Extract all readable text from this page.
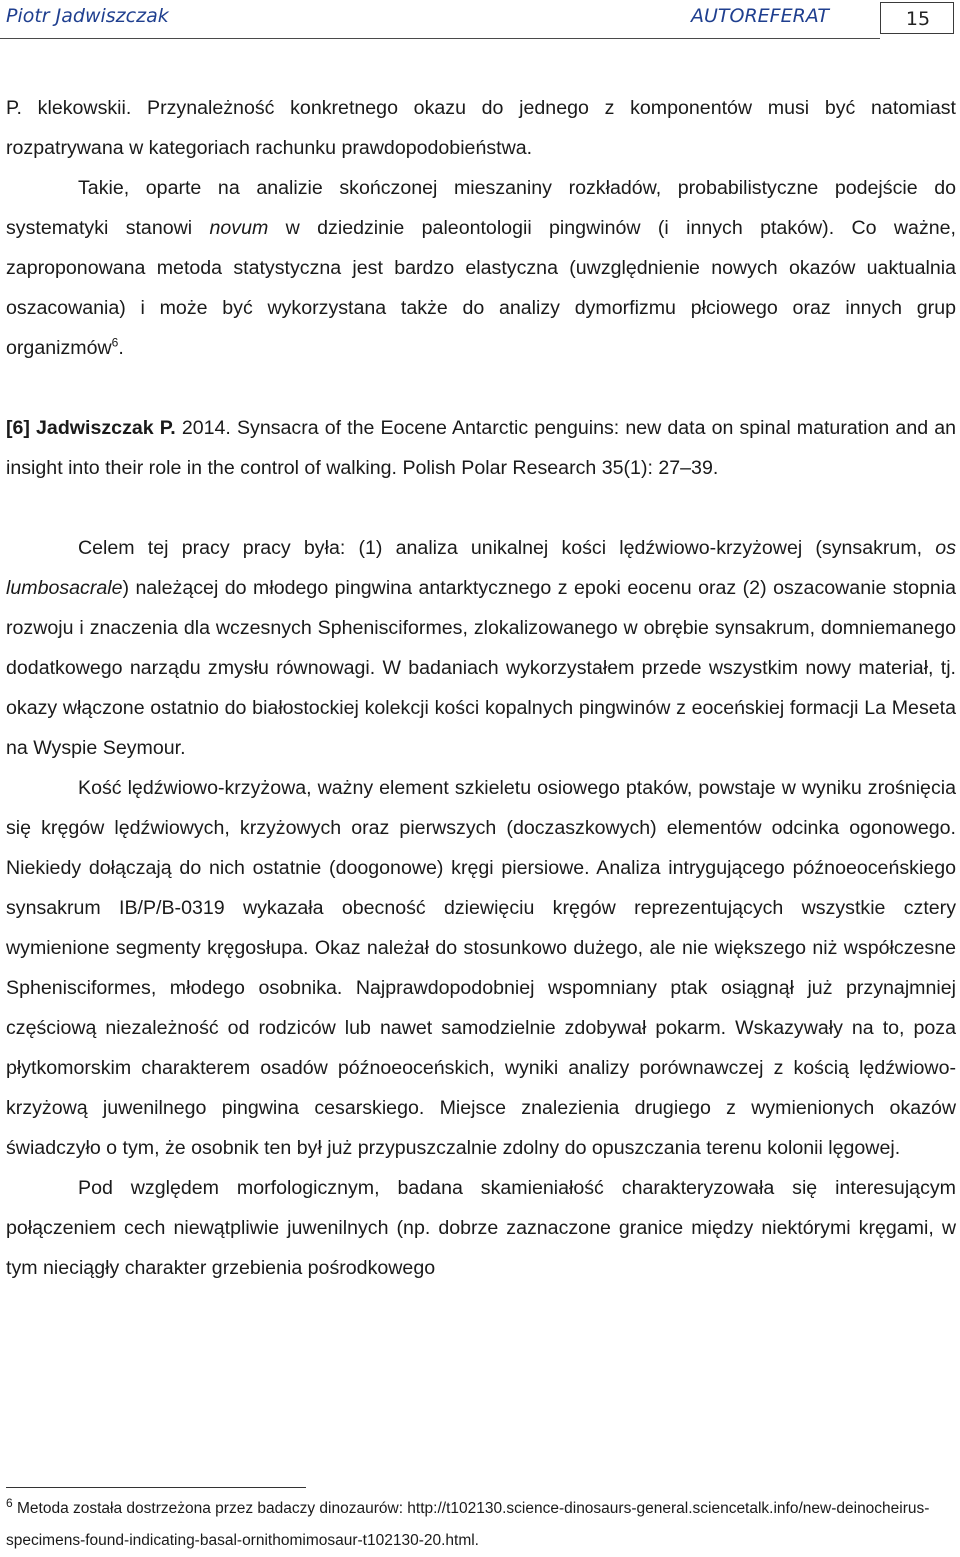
Piotr Jadwiszczak	AUTOREFERAT	15

P. klekowskii. Przynależność konkretnego okazu do jednego z komponentów musi być natomiast rozpatrywana w kategoriach rachunku prawdopodobieństwa.

Takie, oparte na analizie skończonej mieszaniny rozkładów, probabilistyczne podejście do systematyki stanowi novum w dziedzinie paleontologii pingwinów (i innych ptaków). Co ważne, zaproponowana metoda statystyczna jest bardzo elastyczna (uwzględnienie nowych okazów uaktualnia oszacowania) i może być wykorzystana także do analizy dymorfizmu płciowego oraz innych grup organizmów$^6$.

[6] Jadwiszczak P. 2014. Synsacra of the Eocene Antarctic penguins: new data on spinal maturation and an insight into their role in the control of walking. Polish Polar Research 35(1): 27–39.

Celem tej pracy pracy była: (1) analiza unikalnej kości lędźwiowo-krzyżowej (synsakrum, os lumbosacrale) należącej do młodego pingwina antarktycznego z epoki eocenu oraz (2) oszacowanie stopnia rozwoju i znaczenia dla wczesnych Sphenisciformes, zlokalizowanego w obrębie synsakrum, domniemanego dodatkowego narządu zmysłu równowagi. W badaniach wykorzystałem przede wszystkim nowy materiał, tj. okazy włączone ostatnio do białostockiej kolekcji kości kopalnych pingwinów z eoceńskiej formacji La Meseta na Wyspie Seymour.

Kość lędźwiowo-krzyżowa, ważny element szkieletu osiowego ptaków, powstaje w wyniku zrośnięcia się kręgów lędźwiowych, krzyżowych oraz pierwszych (doczaszkowych) elementów odcinka ogonowego. Niekiedy dołączają do nich ostatnie (doogonowe) kręgi piersiowe. Analiza intrygującego późnoeoceńskiego synsakrum IB/P/B-0319 wykazała obecność dziewięciu kręgów reprezentujących wszystkie cztery wymienione segmenty kręgosłupa. Okaz należał do stosunkowo dużego, ale nie większego niż współczesne Sphenisciformes, młodego osobnika. Najprawdopodobniej wspomniany ptak osiągnął już przynajmniej częściową niezależność od rodziców lub nawet samodzielnie zdobywał pokarm. Wskazywały na to, poza płytkomorskim charakterem osadów późnoeoceńskich, wyniki analizy porównawczej z kością lędźwiowo-krzyżową juwenilnego pingwina cesarskiego. Miejsce znalezienia drugiego z wymienionych okazów świadczyło o tym, że osobnik ten był już przypuszczalnie zdolny do opuszczania terenu kolonii lęgowej.

Pod względem morfologicznym, badana skamieniałość charakteryzowała się interesującym połączeniem cech niewątpliwie juwenilnych (np. dobrze zaznaczone granice między niektórymi kręgami, w tym nieciągły charakter grzebienia pośrodkowego

$^6$ Metoda została dostrzeżona przez badaczy dinozaurów: http://t102130.science-dinosaurs-general.sciencetalk.info/new-deinocheirus-specimens-found-indicating-basal-ornithomimosaur-t102130-20.html.
